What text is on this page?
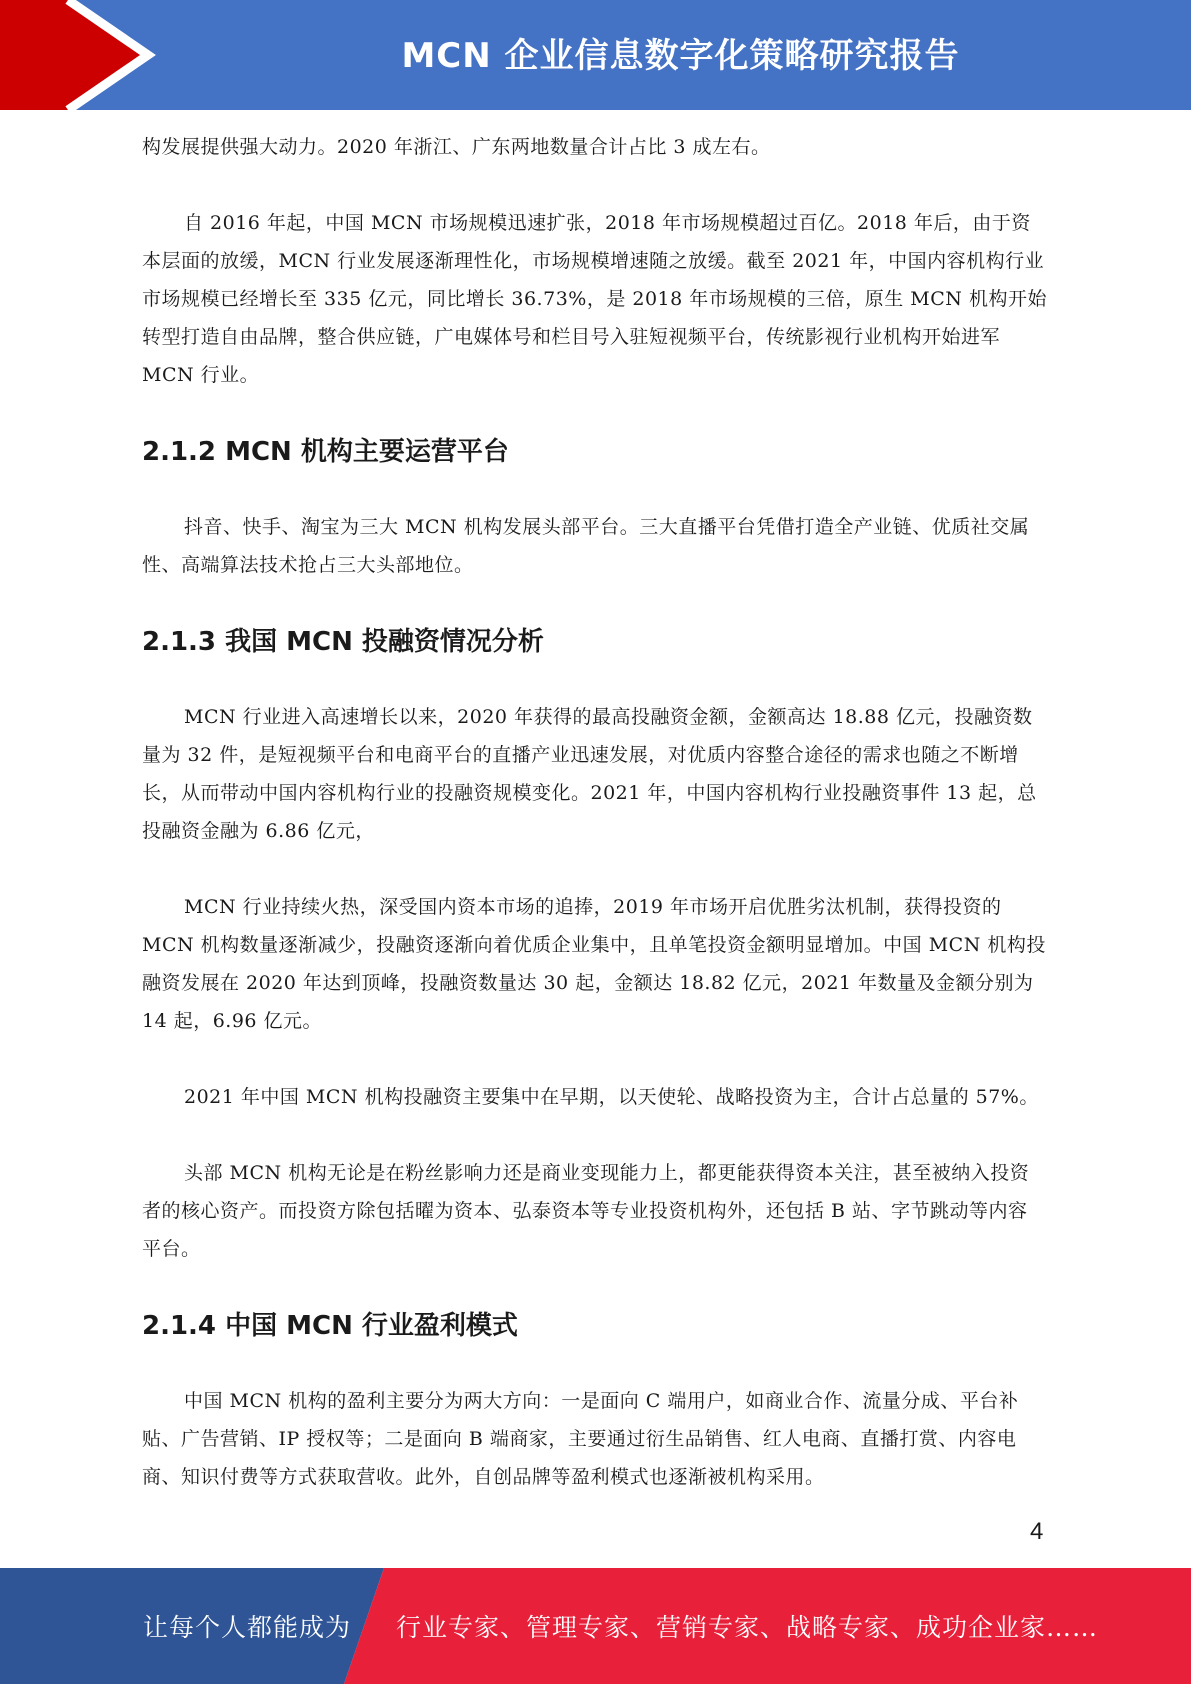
MCN 企业信息数字化策略研究报告

构发展提供强大动力。2020 年浙江、广东两地数量合计占比 3 成左右。

自 2016 年起，中国 MCN 市场规模迅速扩张，2018 年市场规模超过百亿。2018 年后，由于资本层面的放缓，MCN 行业发展逐渐理性化，市场规模增速随之放缓。截至 2021 年，中国内容机构行业市场规模已经增长至 335 亿元，同比增长 36.73%，是 2018 年市场规模的三倍，原生 MCN 机构开始转型打造自由品牌，整合供应链，广电媒体号和栏目号入驻短视频平台，传统影视行业机构开始进军 MCN 行业。

2.1.2 MCN 机构主要运营平台

抖音、快手、淘宝为三大 MCN 机构发展头部平台。三大直播平台凭借打造全产业链、优质社交属性、高端算法技术抢占三大头部地位。

2.1.3 我国 MCN 投融资情况分析

MCN 行业进入高速增长以来，2020 年获得的最高投融资金额，金额高达 18.88 亿元，投融资数量为 32 件，是短视频平台和电商平台的直播产业迅速发展，对优质内容整合途径的需求也随之不断增长，从而带动中国内容机构行业的投融资规模变化。2021 年，中国内容机构行业投融资事件 13 起，总投融资金融为 6.86 亿元，

MCN 行业持续火热，深受国内资本市场的追捧，2019 年市场开启优胜劣汰机制，获得投资的 MCN 机构数量逐渐减少，投融资逐渐向着优质企业集中，且单笔投资金额明显增加。中国 MCN 机构投融资发展在 2020 年达到顶峰，投融资数量达 30 起，金额达 18.82 亿元，2021 年数量及金额分别为 14 起，6.96 亿元。

2021 年中国 MCN 机构投融资主要集中在早期，以天使轮、战略投资为主，合计占总量的 57%。

头部 MCN 机构无论是在粉丝影响力还是商业变现能力上，都更能获得资本关注，甚至被纳入投资者的核心资产。而投资方除包括曜为资本、弘泰资本等专业投资机构外，还包括 B 站、字节跳动等内容平台。

2.1.4 中国 MCN 行业盈利模式

中国 MCN 机构的盈利主要分为两大方向：一是面向 C 端用户，如商业合作、流量分成、平台补贴、广告营销、IP 授权等；二是面向 B 端商家，主要通过衍生品销售、红人电商、直播打赏、内容电商、知识付费等方式获取营收。此外，自创品牌等盈利模式也逐渐被机构采用。

4
让每个人都能成为 行业专家、管理专家、营销专家、战略专家、成功企业家……
